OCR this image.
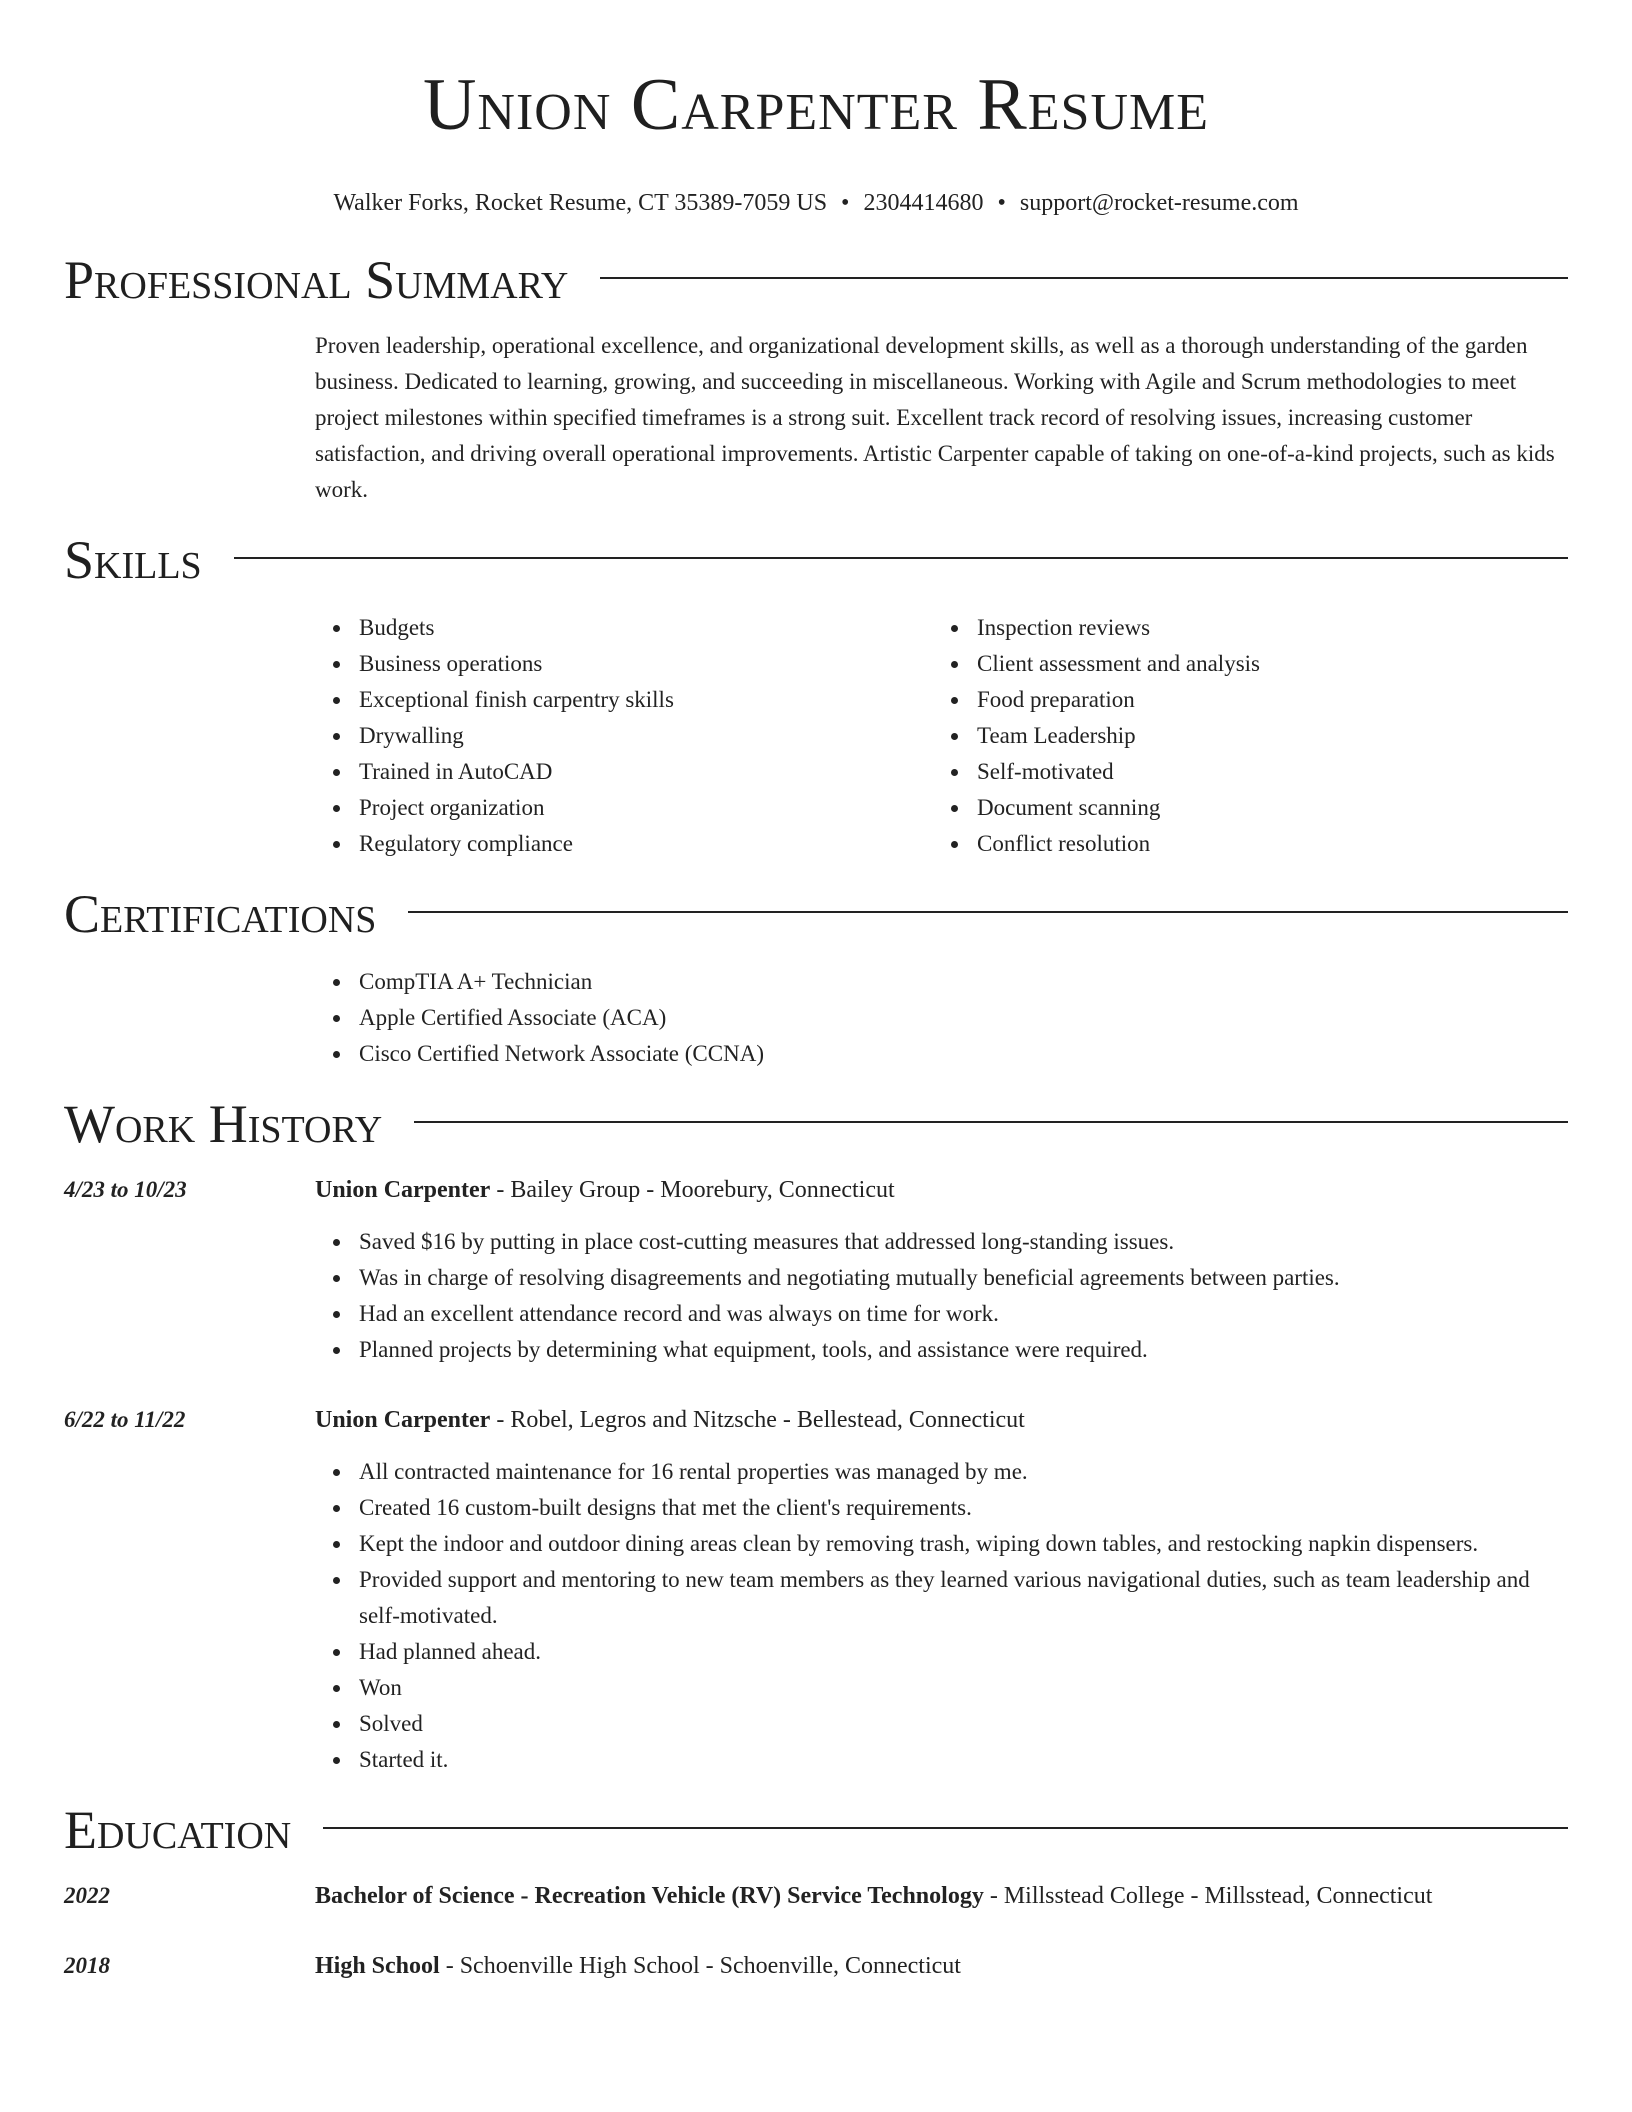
Union Carpenter Resume
Walker Forks, Rocket Resume, CT 35389-7059 US • 2304414680 • support@rocket-resume.com
Professional Summary
Proven leadership, operational excellence, and organizational development skills, as well as a thorough understanding of the garden business. Dedicated to learning, growing, and succeeding in miscellaneous. Working with Agile and Scrum methodologies to meet project milestones within specified timeframes is a strong suit. Excellent track record of resolving issues, increasing customer satisfaction, and driving overall operational improvements. Artistic Carpenter capable of taking on one-of-a-kind projects, such as kids work.
Skills
Budgets
Business operations
Exceptional finish carpentry skills
Drywalling
Trained in AutoCAD
Project organization
Regulatory compliance
Inspection reviews
Client assessment and analysis
Food preparation
Team Leadership
Self-motivated
Document scanning
Conflict resolution
Certifications
CompTIA A+ Technician
Apple Certified Associate (ACA)
Cisco Certified Network Associate (CCNA)
Work History
4/23 to 10/23	Union Carpenter - Bailey Group - Moorebury, Connecticut
Saved $16 by putting in place cost-cutting measures that addressed long-standing issues.
Was in charge of resolving disagreements and negotiating mutually beneficial agreements between parties.
Had an excellent attendance record and was always on time for work.
Planned projects by determining what equipment, tools, and assistance were required.
6/22 to 11/22	Union Carpenter - Robel, Legros and Nitzsche - Bellestead, Connecticut
All contracted maintenance for 16 rental properties was managed by me.
Created 16 custom-built designs that met the client's requirements.
Kept the indoor and outdoor dining areas clean by removing trash, wiping down tables, and restocking napkin dispensers.
Provided support and mentoring to new team members as they learned various navigational duties, such as team leadership and self-motivated.
Had planned ahead.
Won
Solved
Started it.
Education
2022	Bachelor of Science - Recreation Vehicle (RV) Service Technology - Millsstead College - Millsstead, Connecticut
2018	High School - Schoenville High School - Schoenville, Connecticut
